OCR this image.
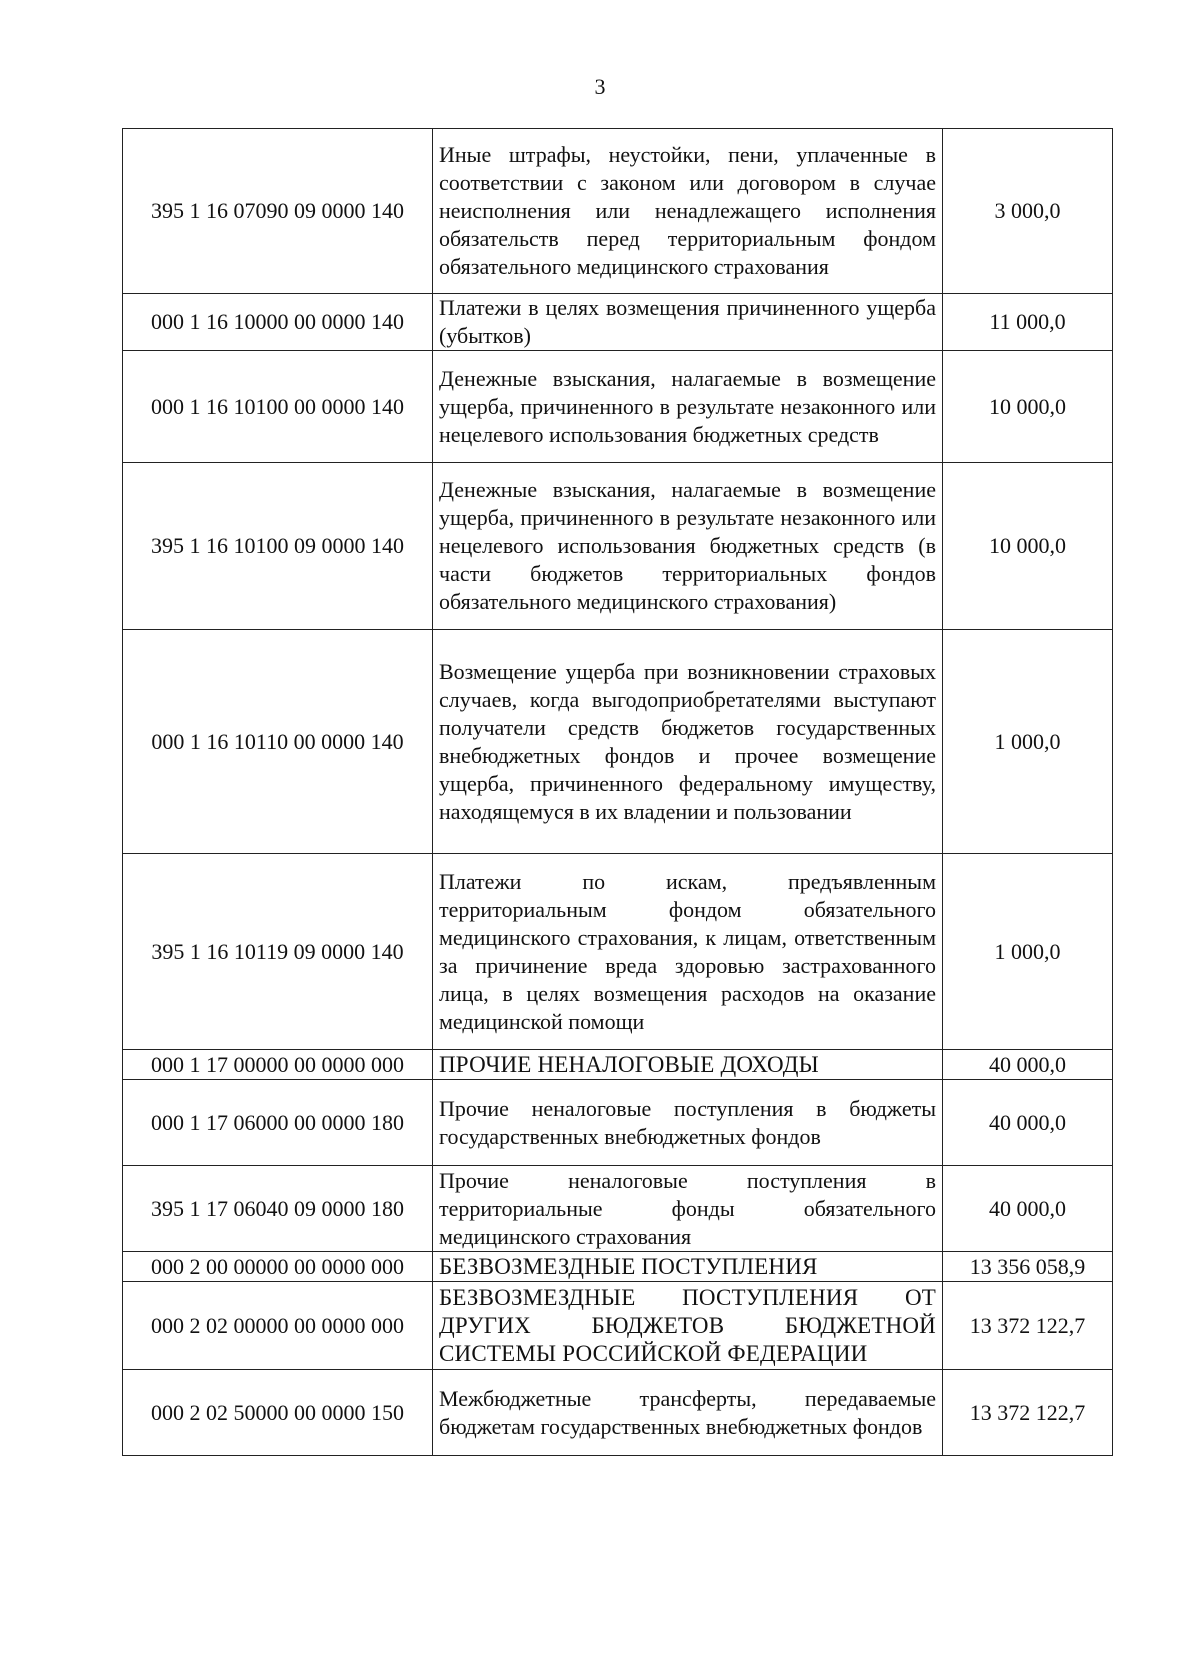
3
395 1 16 07090 09 0000 140	Иные штрафы, неустойки, пени, уплаченные в соответствии с законом или договором в случае неисполнения или ненадлежащего исполнения обязательств перед территориальным фондом обязательного медицинского страхования	3 000,0
000 1 16 10000 00 0000 140	Платежи в целях возмещения причиненного ущерба (убытков)	11 000,0
000 1 16 10100 00 0000 140	Денежные взыскания, налагаемые в возмещение ущерба, причиненного в результате незаконного или нецелевого использования бюджетных средств	10 000,0
395 1 16 10100 09 0000 140	Денежные взыскания, налагаемые в возмещение ущерба, причиненного в результате незаконного или нецелевого использования бюджетных средств (в части бюджетов территориальных фондов обязательного медицинского страхования)	10 000,0
000 1 16 10110 00 0000 140	Возмещение ущерба при возникновении страховых случаев, когда выгодоприобретателями выступают получатели средств бюджетов государственных внебюджетных фондов и прочее возмещение ущерба, причиненного федеральному имуществу, находящемуся в их владении и пользовании	1 000,0
395 1 16 10119 09 0000 140	Платежи по искам, предъявленным территориальным фондом обязательного медицинского страхования, к лицам, ответственным за причинение вреда здоровью застрахованного лица, в целях возмещения расходов на оказание медицинской помощи	1 000,0
000 1 17 00000 00 0000 000	ПРОЧИЕ НЕНАЛОГОВЫЕ ДОХОДЫ	40 000,0
000 1 17 06000 00 0000 180	Прочие неналоговые поступления в бюджеты государственных внебюджетных фондов	40 000,0
395 1 17 06040 09 0000 180	Прочие неналоговые поступления в территориальные фонды обязательного медицинского страхования	40 000,0
000 2 00 00000 00 0000 000	БЕЗВОЗМЕЗДНЫЕ ПОСТУПЛЕНИЯ	13 356 058,9
000 2 02 00000 00 0000 000	БЕЗВОЗМЕЗДНЫЕ ПОСТУПЛЕНИЯ ОТ ДРУГИХ БЮДЖЕТОВ БЮДЖЕТНОЙ СИСТЕМЫ РОССИЙСКОЙ ФЕДЕРАЦИИ	13 372 122,7
000 2 02 50000 00 0000 150	Межбюджетные трансферты, передаваемые бюджетам государственных внебюджетных фондов	13 372 122,7
